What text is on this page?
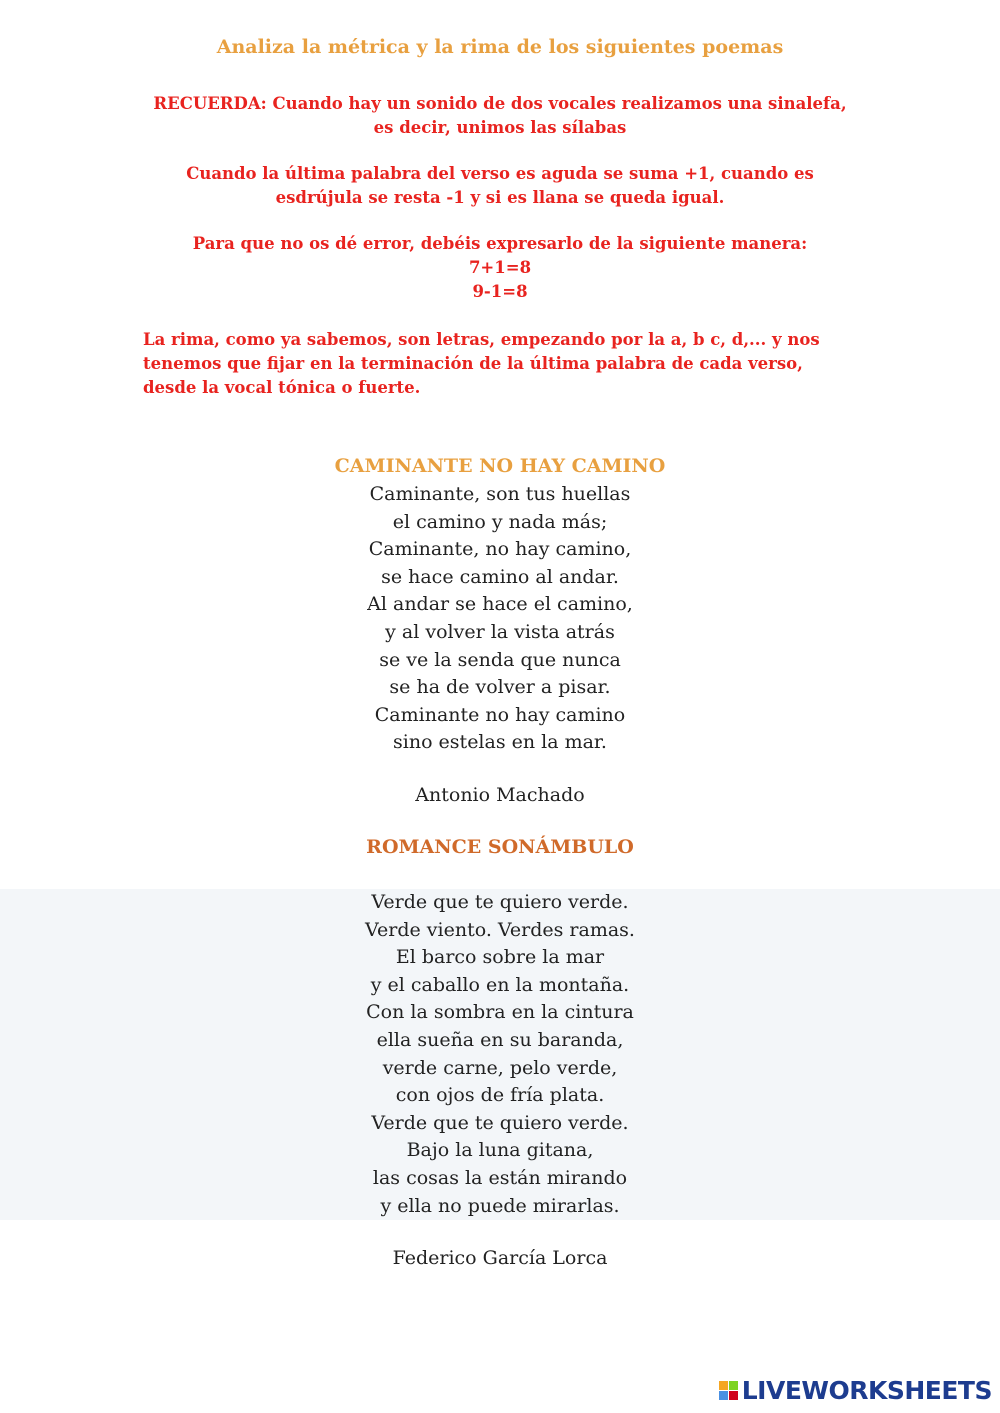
Analiza la métrica y la rima de los siguientes poemas
RECUERDA: Cuando hay un sonido de dos vocales realizamos una sinalefa,
es decir, unimos las sílabas
Cuando la última palabra del verso es aguda se suma +1, cuando es
esdrújula se resta -1 y si es llana se queda igual.
Para que no os dé error, debéis expresarlo de la siguiente manera:
7+1=8
9-1=8
La rima, como ya sabemos, son letras, empezando por la a, b c, d,... y nos
tenemos que fijar en la terminación de la última palabra de cada verso,
desde la vocal tónica o fuerte.
CAMINANTE NO HAY CAMINO
Caminante, son tus huellas
el camino y nada más;
Caminante, no hay camino,
se hace camino al andar.
Al andar se hace el camino,
y al volver la vista atrás
se ve la senda que nunca
se ha de volver a pisar.
Caminante no hay camino
sino estelas en la mar.
Antonio Machado
ROMANCE SONÁMBULO
Verde que te quiero verde.
Verde viento. Verdes ramas.
El barco sobre la mar
y el caballo en la montaña.
Con la sombra en la cintura
ella sueña en su baranda,
verde carne, pelo verde,
con ojos de fría plata.
Verde que te quiero verde.
Bajo la luna gitana,
las cosas la están mirando
y ella no puede mirarlas.
Federico García Lorca
LIVEWORKSHEETS
